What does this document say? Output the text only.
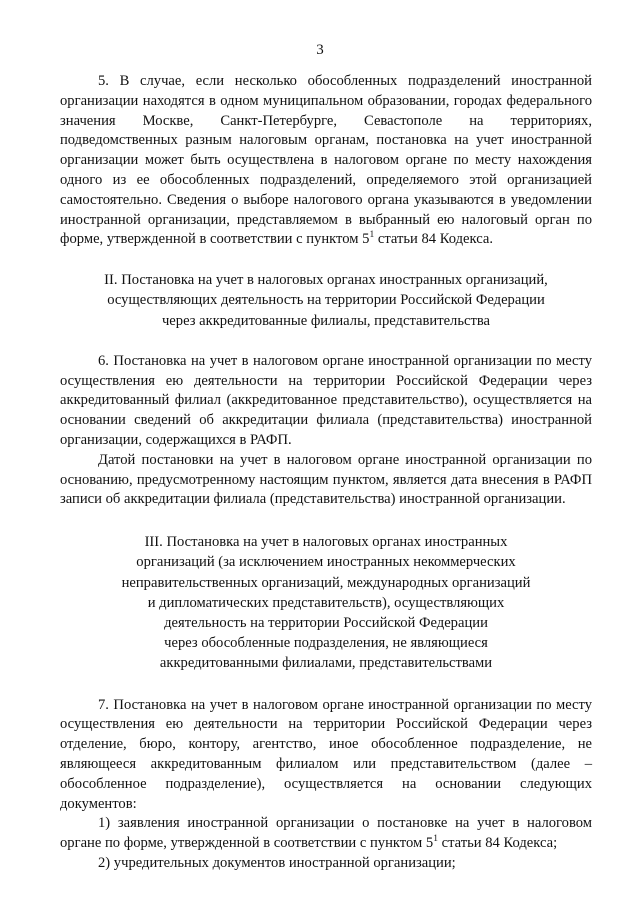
3

5. В случае, если несколько обособленных подразделений иностранной организации находятся в одном муниципальном образовании, городах федерального значения Москве, Санкт-Петербурге, Севастополе на территориях, подведомственных разным налоговым органам, постановка на учет иностранной организации может быть осуществлена в налоговом органе по месту нахождения одного из ее обособленных подразделений, определяемого этой организацией самостоятельно. Сведения о выборе налогового органа указываются в уведомлении иностранной организации, представляемом в выбранный ею налоговый орган по форме, утвержденной в соответствии с пунктом $5^1$ статьи 84 Кодекса.

II. Постановка на учет в налоговых органах иностранных организаций,
осуществляющих деятельность на территории Российской Федерации
через аккредитованные филиалы, представительства

6. Постановка на учет в налоговом органе иностранной организации по месту осуществления ею деятельности на территории Российской Федерации через аккредитованный филиал (аккредитованное представительство), осуществляется на основании сведений об аккредитации филиала (представительства) иностранной организации, содержащихся в РАФП.

Датой постановки на учет в налоговом органе иностранной организации по основанию, предусмотренному настоящим пунктом, является дата внесения в РАФП записи об аккредитации филиала (представительства) иностранной организации.

III. Постановка на учет в налоговых органах иностранных
организаций (за исключением иностранных некоммерческих
неправительственных организаций, международных организаций
и дипломатических представительств), осуществляющих
деятельность на территории Российской Федерации
через обособленные подразделения, не являющиеся
аккредитованными филиалами, представительствами

7. Постановка на учет в налоговом органе иностранной организации по месту осуществления ею деятельности на территории Российской Федерации через отделение, бюро, контору, агентство, иное обособленное подразделение, не являющееся аккредитованным филиалом или представительством (далее – обособленное подразделение), осуществляется на основании следующих документов:

1) заявления иностранной организации о постановке на учет в налоговом органе по форме, утвержденной в соответствии с пунктом $5^1$ статьи 84 Кодекса;

2) учредительных документов иностранной организации;
